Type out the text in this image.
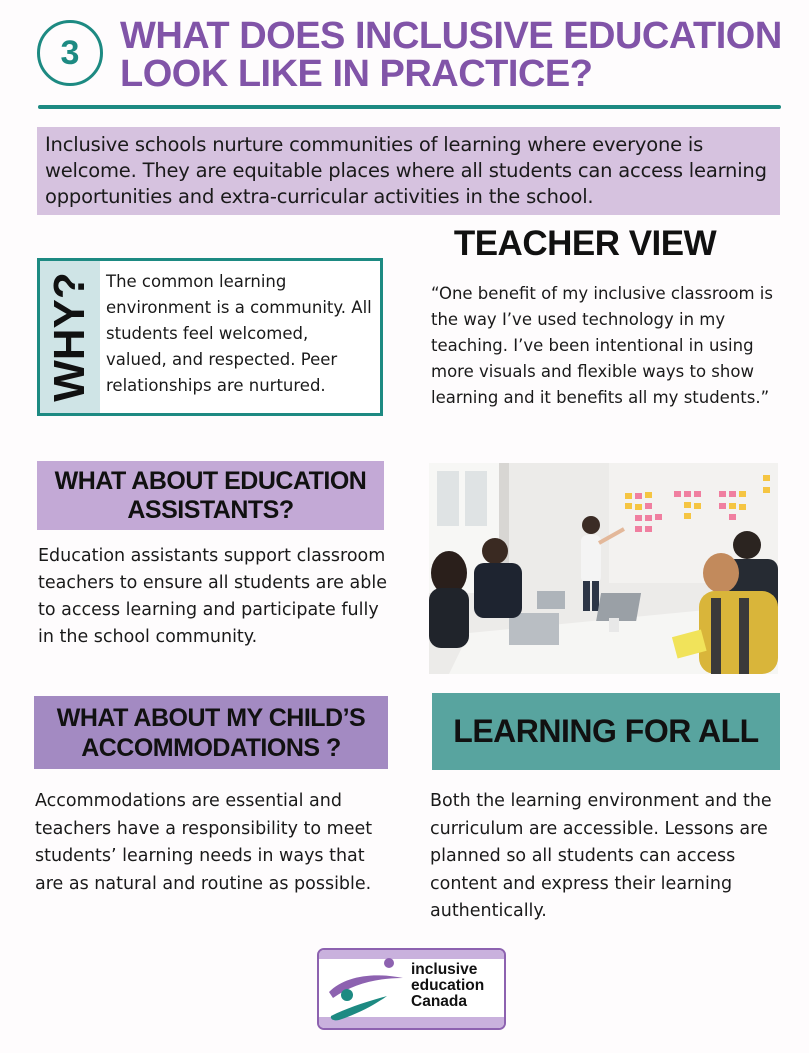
3 WHAT DOES INCLUSIVE EDUCATION LOOK LIKE IN PRACTICE?
Inclusive schools nurture communities of learning where everyone is welcome. They are equitable places where all students can access learning opportunities and extra-curricular activities in the school.
WHY? The common learning environment is a community. All students feel welcomed, valued, and respected. Peer relationships are nurtured.
TEACHER VIEW
“One benefit of my inclusive classroom is the way I’ve used technology in my teaching. I’ve been intentional in using more visuals and flexible ways to show learning and it benefits all my students.”
WHAT ABOUT EDUCATION ASSISTANTS?
Education assistants support classroom teachers to ensure all students are able to access learning and participate fully in the school community.
WHAT ABOUT MY CHILD’S ACCOMMODATIONS ?
Accommodations are essential and teachers have a responsibility to meet students’ learning needs in ways that are as natural and routine as possible.
LEARNING FOR ALL
Both the learning environment and the curriculum are accessible. Lessons are planned so all students can access content and express their learning authentically.
inclusive
education
Canada
